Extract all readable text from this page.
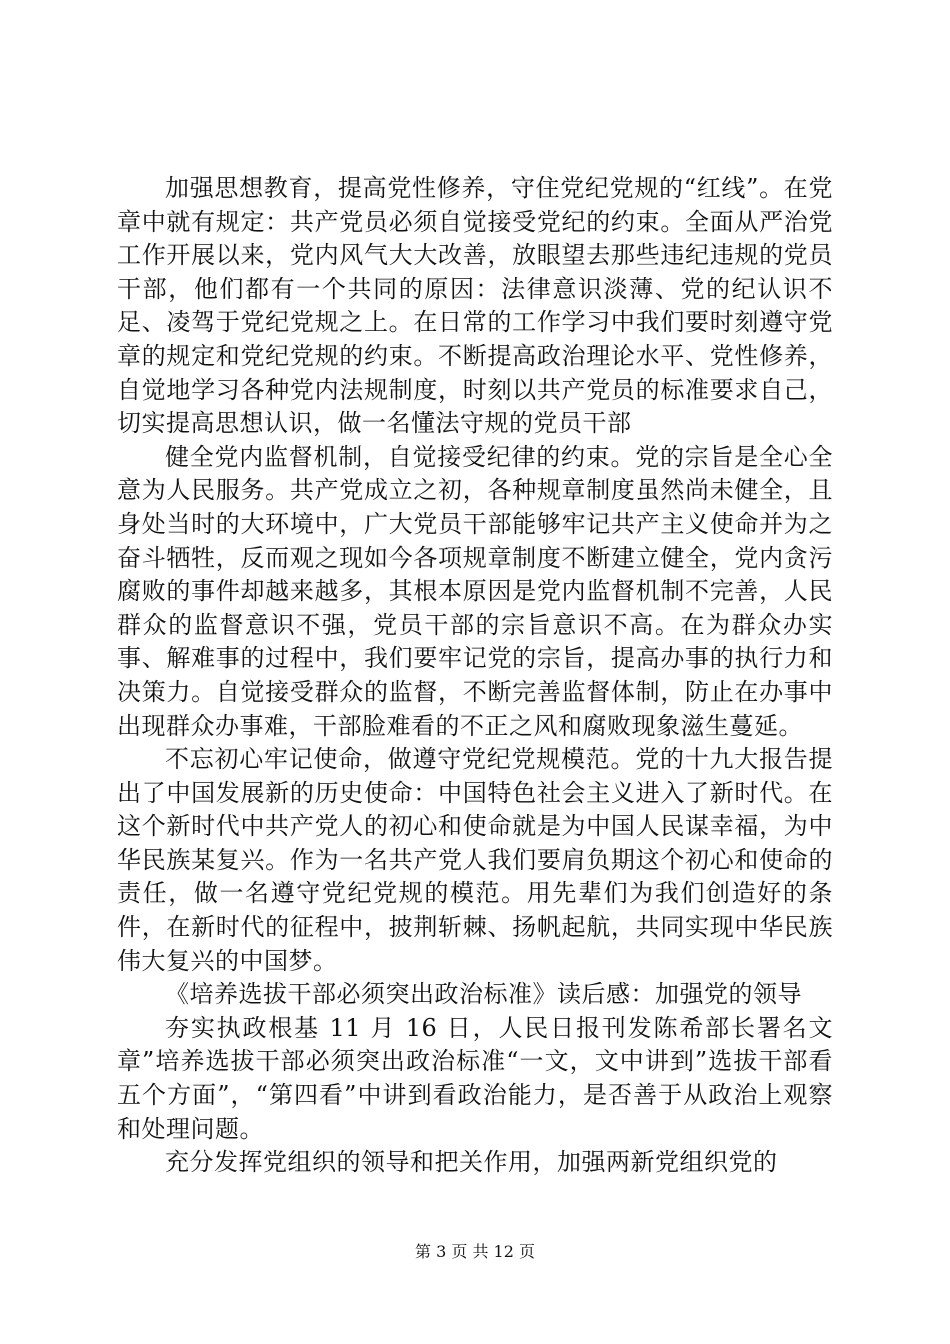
加强思想教育，提高党性修养，守住党纪党规的“红线”。在党章中就有规定：共产党员必须自觉接受党纪的约束。全面从严治党工作开展以来，党内风气大大改善，放眼望去那些违纪违规的党员干部，他们都有一个共同的原因：法律意识淡薄、党的纪认识不足、凌驾于党纪党规之上。在日常的工作学习中我们要时刻遵守党章的规定和党纪党规的约束。不断提高政治理论水平、党性修养，自觉地学习各种党内法规制度，时刻以共产党员的标准要求自己，切实提高思想认识，做一名懂法守规的党员干部

健全党内监督机制，自觉接受纪律的约束。党的宗旨是全心全意为人民服务。共产党成立之初，各种规章制度虽然尚未健全，且身处当时的大环境中，广大党员干部能够牢记共产主义使命并为之奋斗牺牲，反而观之现如今各项规章制度不断建立健全，党内贪污腐败的事件却越来越多，其根本原因是党内监督机制不完善，人民群众的监督意识不强，党员干部的宗旨意识不高。在为群众办实事、解难事的过程中，我们要牢记党的宗旨，提高办事的执行力和决策力。自觉接受群众的监督，不断完善监督体制，防止在办事中出现群众办事难，干部脸难看的不正之风和腐败现象滋生蔓延。

不忘初心牢记使命，做遵守党纪党规模范。党的十九大报告提出了中国发展新的历史使命：中国特色社会主义进入了新时代。在这个新时代中共产党人的初心和使命就是为中国人民谋幸福，为中华民族某复兴。作为一名共产党人我们要肩负期这个初心和使命的责任，做一名遵守党纪党规的模范。用先辈们为我们创造好的条件，在新时代的征程中，披荆斩棘、扬帆起航，共同实现中华民族伟大复兴的中国梦。

《培养选拔干部必须突出政治标准》读后感：加强党的领导

夯实执政根基 11 月 16 日，人民日报刊发陈希部长署名文章”培养选拔干部必须突出政治标准“一文，文中讲到”选拔干部看五个方面”，“第四看”中讲到看政治能力，是否善于从政治上观察和处理问题。

充分发挥党组织的领导和把关作用，加强两新党组织党的

第 3 页 共 12 页
